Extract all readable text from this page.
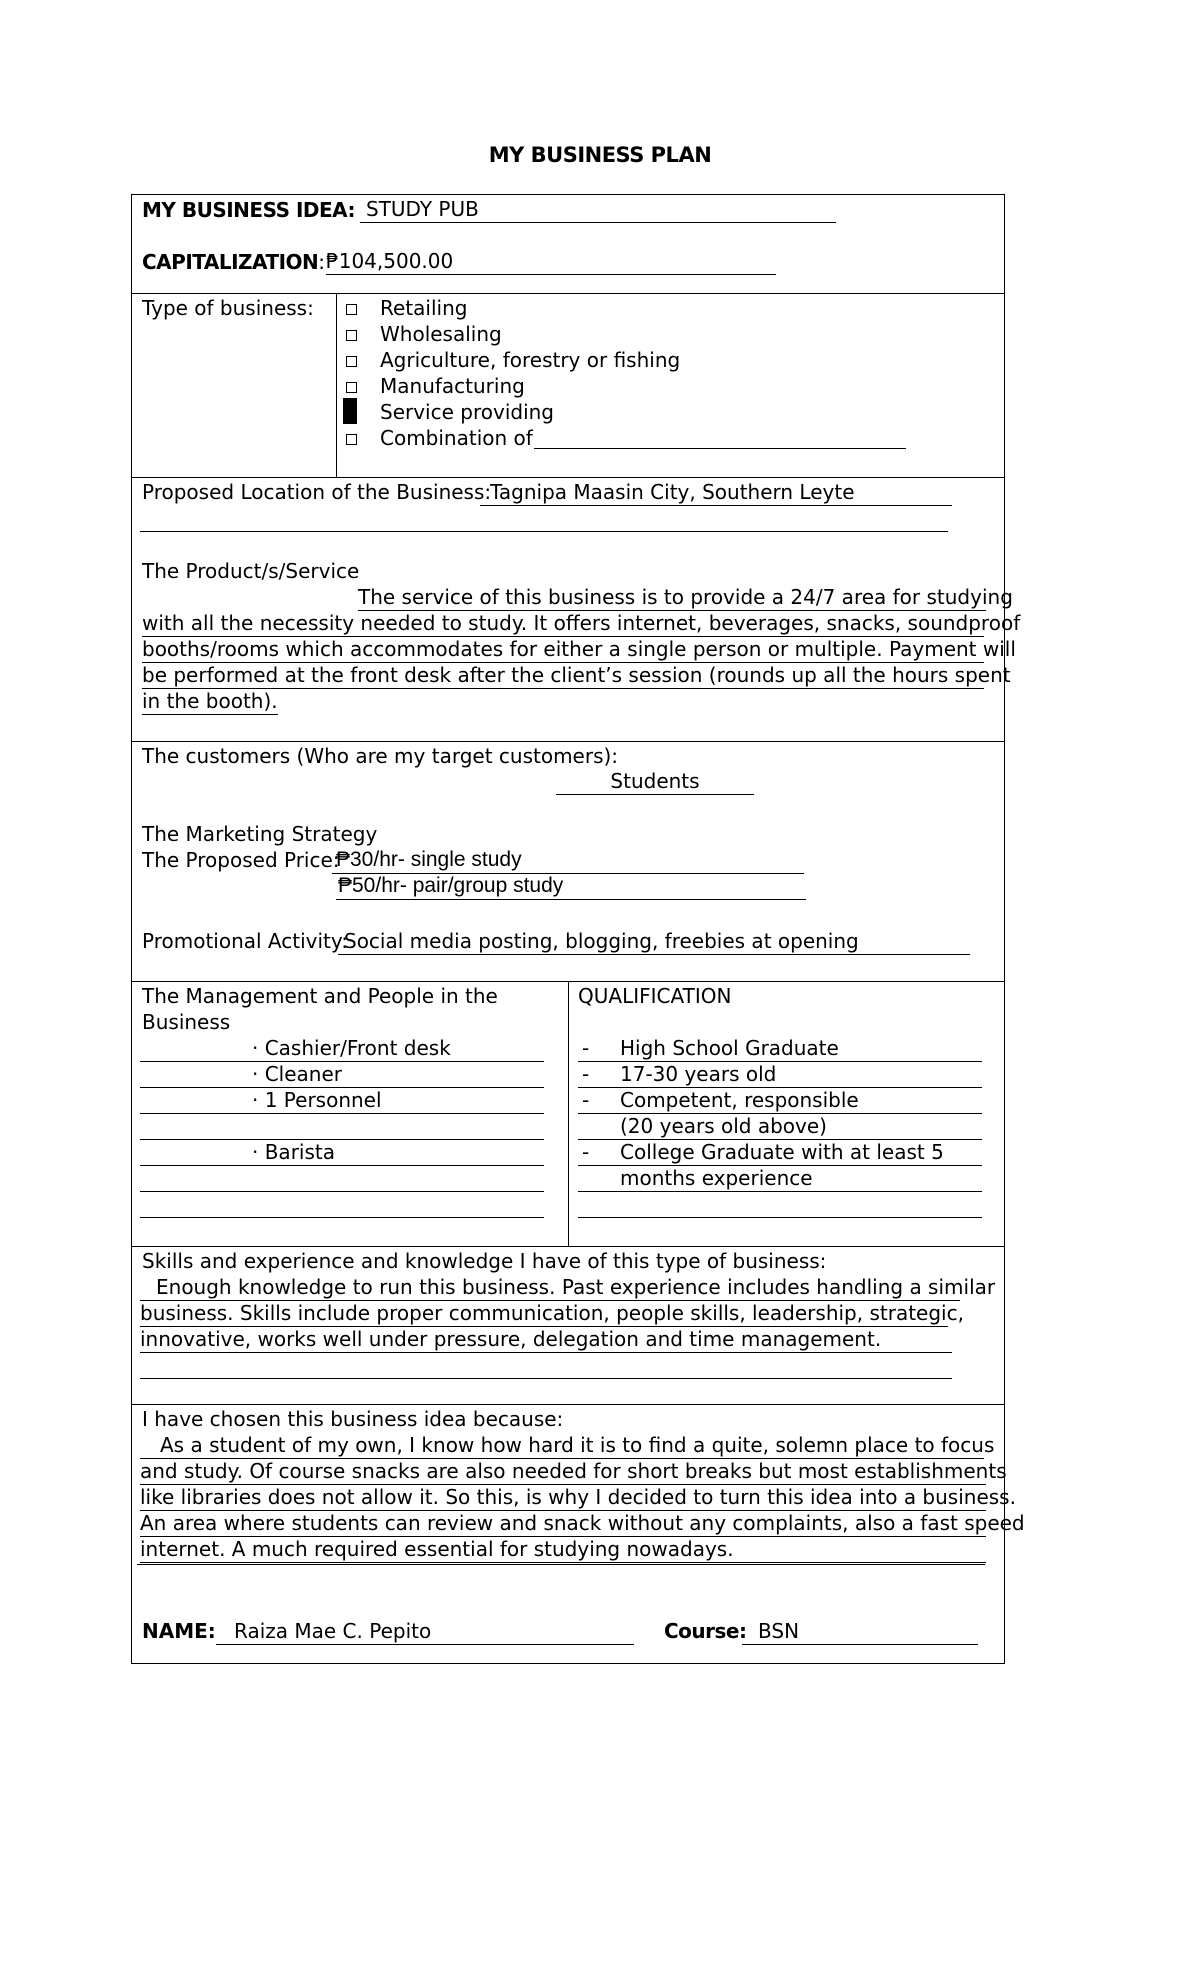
MY BUSINESS PLAN
MY BUSINESS IDEA: STUDY PUB
CAPITALIZATION: ₱104,500.00
Type of business:	Retailing
Wholesaling
Agriculture, forestry or fishing
Manufacturing
Service providing
Combination of
Proposed Location of the Business:
Tagnipa Maasin City, Southern Leyte
The Product/s/Service
The service of this business is to provide a 24/7 area for studying
with all the necessity needed to study. It offers internet, beverages, snacks, soundproof
booths/rooms which accommodates for either a single person or multiple. Payment will
be performed at the front desk after the client’s session (rounds up all the hours spent
in the booth).
The customers (Who are my target customers):
Students
The Marketing Strategy
The Proposed Price:
₱30/hr- single study
₱50/hr- pair/group study
Promotional Activity:
Social media posting, blogging, freebies at opening
The Management and People in the
Business
· Cashier/Front desk
· Cleaner
· 1 Personnel
· Barista
QUALIFICATION
- High School Graduate
- 17-30 years old
- Competent, responsible
(20 years old above)
- College Graduate with at least 5
months experience
Skills and experience and knowledge I have of this type of business:
Enough knowledge to run this business. Past experience includes handling a similar
business. Skills include proper communication, people skills, leadership, strategic,
innovative, works well under pressure, delegation and time management.
I have chosen this business idea because:
As a student of my own, I know how hard it is to find a quite, solemn place to focus
and study. Of course snacks are also needed for short breaks but most establishments
like libraries does not allow it. So this, is why I decided to turn this idea into a business.
An area where students can review and snack without any complaints, also a fast speed
internet. A much required essential for studying nowadays.
NAME: Raiza Mae C. Pepito	Course: BSN
